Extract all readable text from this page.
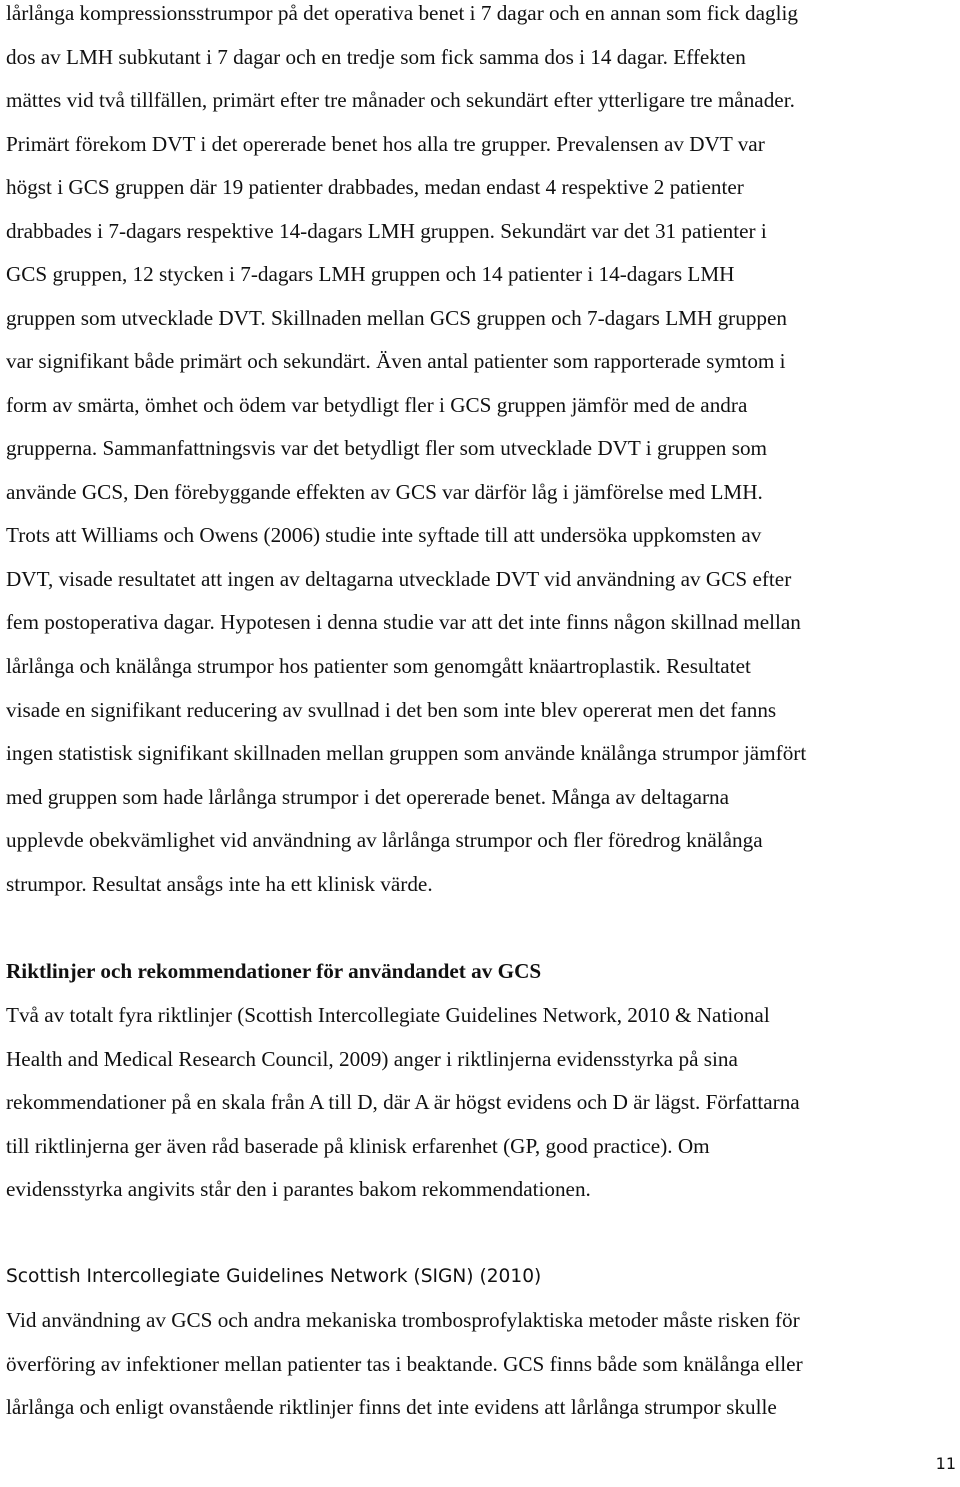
lårlånga kompressionsstrumpor på det operativa benet i 7 dagar och en annan som fick daglig
dos av LMH subkutant i 7 dagar och en tredje som fick samma dos i 14 dagar. Effekten
mättes vid två tillfällen, primärt efter tre månader och sekundärt efter ytterligare tre månader.
Primärt förekom DVT i det opererade benet hos alla tre grupper. Prevalensen av DVT var
högst i GCS gruppen där 19 patienter drabbades, medan endast 4 respektive 2 patienter
drabbades i 7-dagars respektive 14-dagars LMH gruppen. Sekundärt var det 31 patienter i
GCS gruppen, 12 stycken i 7-dagars LMH gruppen och 14 patienter i 14-dagars LMH
gruppen som utvecklade DVT. Skillnaden mellan GCS gruppen och 7-dagars LMH gruppen
var signifikant både primärt och sekundärt. Även antal patienter som rapporterade symtom i
form av smärta, ömhet och ödem var betydligt fler i GCS gruppen jämför med de andra
grupperna. Sammanfattningsvis var det betydligt fler som utvecklade DVT i gruppen som
använde GCS, Den förebyggande effekten av GCS var därför låg i jämförelse med LMH.
Trots att Williams och Owens (2006) studie inte syftade till att undersöka uppkomsten av
DVT, visade resultatet att ingen av deltagarna utvecklade DVT vid användning av GCS efter
fem postoperativa dagar. Hypotesen i denna studie var att det inte finns någon skillnad mellan
lårlånga och knälånga strumpor hos patienter som genomgått knäartroplastik. Resultatet
visade en signifikant reducering av svullnad i det ben som inte blev opererat men det fanns
ingen statistisk signifikant skillnaden mellan gruppen som använde knälånga strumpor jämfört
med gruppen som hade lårlånga strumpor i det opererade benet. Många av deltagarna
upplevde obekvämlighet vid användning av lårlånga strumpor och fler föredrog knälånga
strumpor. Resultat ansågs inte ha ett klinisk värde.
Riktlinjer och rekommendationer för användandet av GCS
Två av totalt fyra riktlinjer (Scottish Intercollegiate Guidelines Network, 2010 & National
Health and Medical Research Council, 2009) anger i riktlinjerna evidensstyrka på sina
rekommendationer på en skala från A till D, där A är högst evidens och D är lägst. Författarna
till riktlinjerna ger även råd baserade på klinisk erfarenhet (GP, good practice). Om
evidensstyrka angivits står den i parantes bakom rekommendationen.
Scottish Intercollegiate Guidelines Network (SIGN) (2010)
Vid användning av GCS och andra mekaniska trombosprofylaktiska metoder måste risken för
överföring av infektioner mellan patienter tas i beaktande. GCS finns både som knälånga eller
lårlånga och enligt ovanstående riktlinjer finns det inte evidens att lårlånga strumpor skulle
11
